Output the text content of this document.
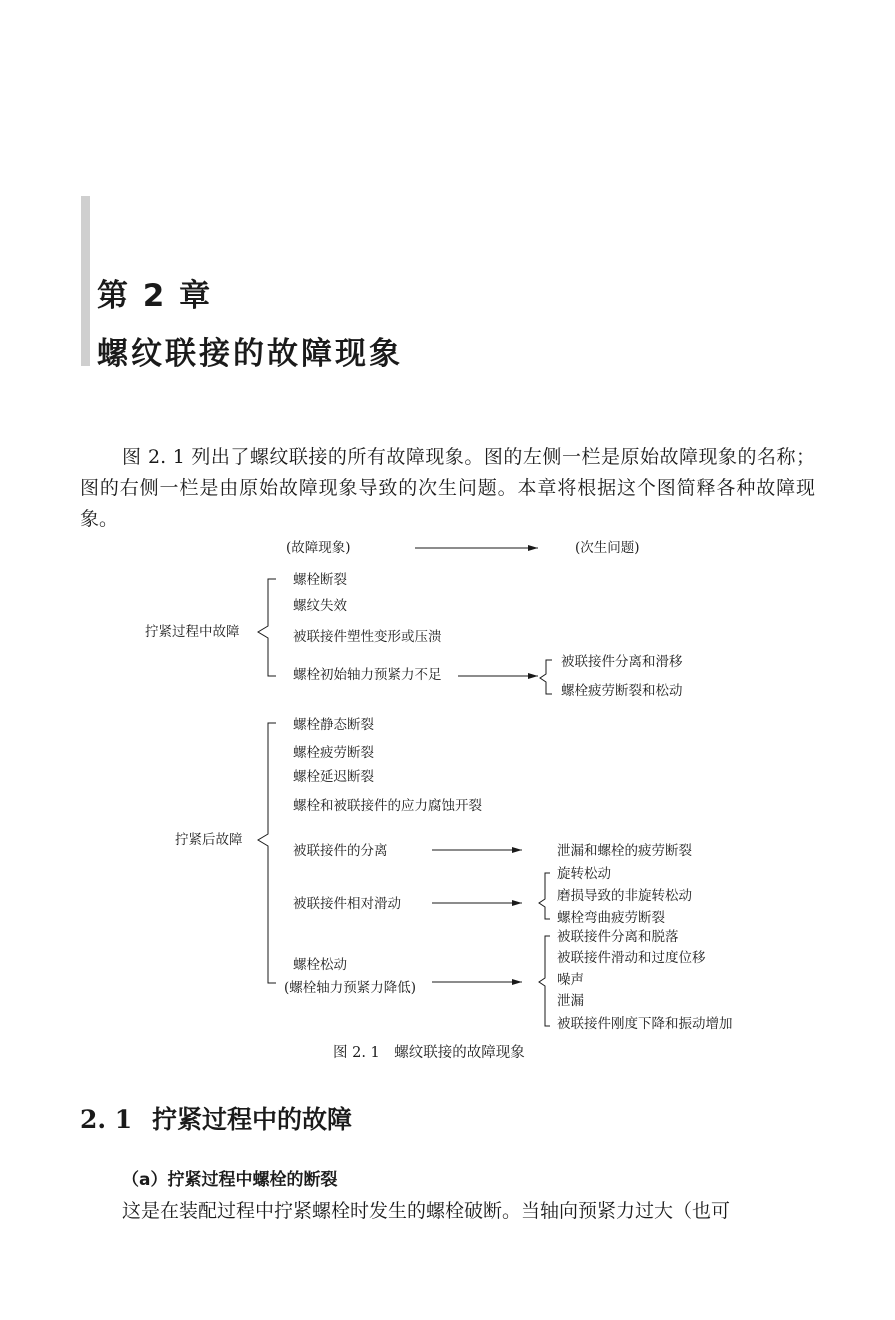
第 2 章
螺纹联接的故障现象
图 2. 1 列出了螺纹联接的所有故障现象。图的左侧一栏是原始故障现象的名称；图的右侧一栏是由原始故障现象导致的次生问题。本章将根据这个图简释各种故障现象。
(故障现象)	(次生问题)
拧紧过程中故障
螺栓断裂
螺纹失效
被联接件塑性变形或压溃
螺栓初始轴力预紧力不足
被联接件分离和滑移
螺栓疲劳断裂和松动
拧紧后故障
螺栓静态断裂
螺栓疲劳断裂
螺栓延迟断裂
螺栓和被联接件的应力腐蚀开裂
被联接件的分离
被联接件相对滑动
螺栓松动
(螺栓轴力预紧力降低)
泄漏和螺栓的疲劳断裂
旋转松动
磨损导致的非旋转松动
螺栓弯曲疲劳断裂
被联接件分离和脱落
被联接件滑动和过度位移
噪声
泄漏
被联接件刚度下降和振动增加
图 2. 1　螺纹联接的故障现象
2. 1 拧紧过程中的故障
（a）拧紧过程中螺栓的断裂
这是在装配过程中拧紧螺栓时发生的螺栓破断。当轴向预紧力过大（也可
